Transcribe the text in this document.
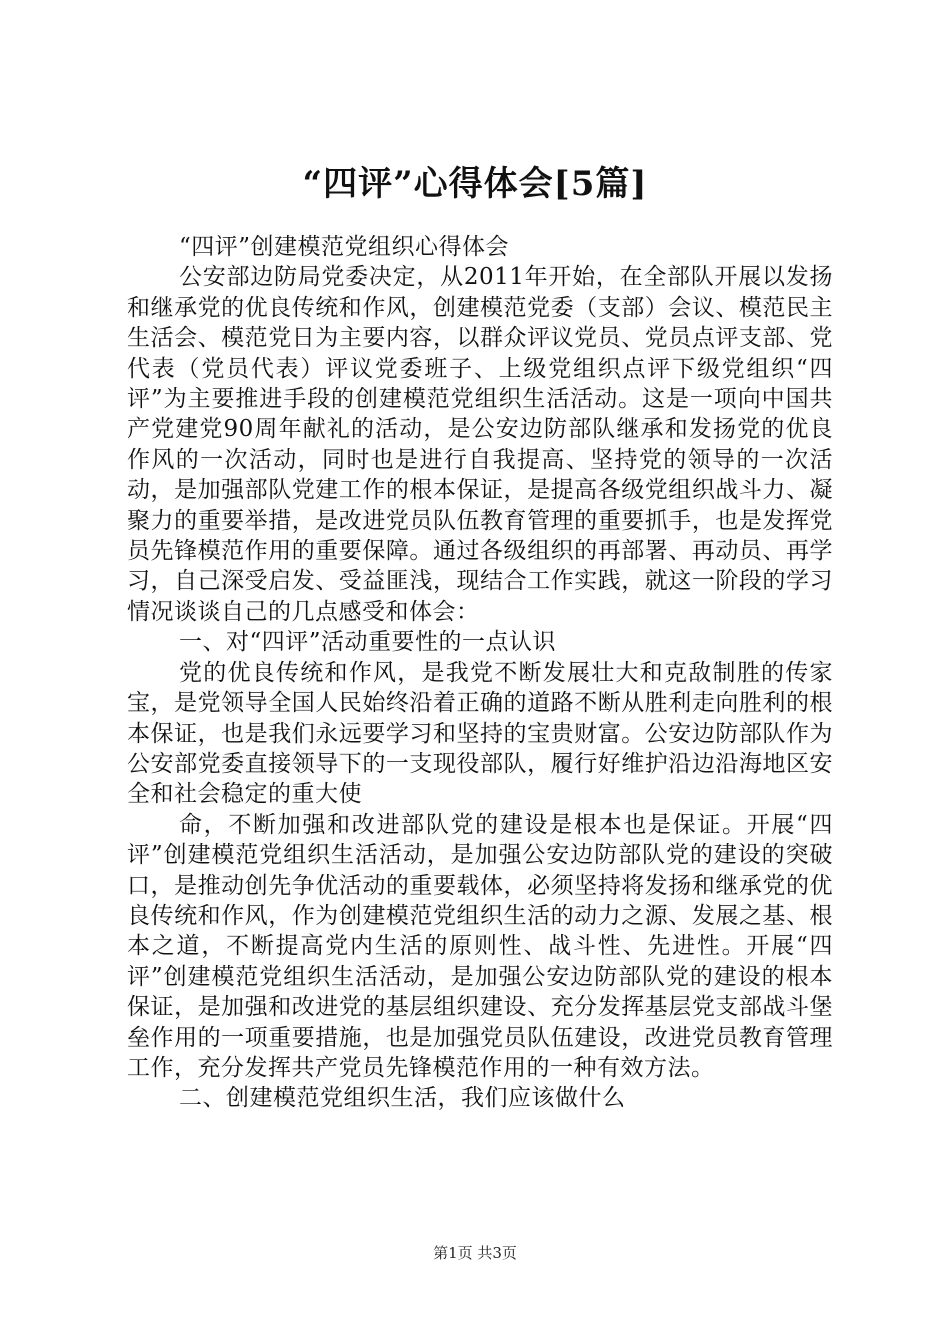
“四评”心得体会[5篇]

“四评”创建模范党组织心得体会

公安部边防局党委决定，从2011年开始，在全部队开展以发扬和继承党的优良传统和作风，创建模范党委（支部）会议、模范民主生活会、模范党日为主要内容，以群众评议党员、党员点评支部、党代表（党员代表）评议党委班子、上级党组织点评下级党组织“四评”为主要推进手段的创建模范党组织生活活动。这是一项向中国共产党建党90周年献礼的活动，是公安边防部队继承和发扬党的优良作风的一次活动，同时也是进行自我提高、坚持党的领导的一次活动，是加强部队党建工作的根本保证，是提高各级党组织战斗力、凝聚力的重要举措，是改进党员队伍教育管理的重要抓手，也是发挥党员先锋模范作用的重要保障。通过各级组织的再部署、再动员、再学习，自己深受启发、受益匪浅，现结合工作实践，就这一阶段的学习情况谈谈自己的几点感受和体会：

一、对“四评”活动重要性的一点认识

党的优良传统和作风，是我党不断发展壮大和克敌制胜的传家宝，是党领导全国人民始终沿着正确的道路不断从胜利走向胜利的根本保证，也是我们永远要学习和坚持的宝贵财富。公安边防部队作为公安部党委直接领导下的一支现役部队，履行好维护沿边沿海地区安全和社会稳定的重大使

命，不断加强和改进部队党的建设是根本也是保证。开展“四评”创建模范党组织生活活动，是加强公安边防部队党的建设的突破口，是推动创先争优活动的重要载体，必须坚持将发扬和继承党的优良传统和作风，作为创建模范党组织生活的动力之源、发展之基、根本之道，不断提高党内生活的原则性、战斗性、先进性。开展“四评”创建模范党组织生活活动，是加强公安边防部队党的建设的根本保证，是加强和改进党的基层组织建设、充分发挥基层党支部战斗堡垒作用的一项重要措施，也是加强党员队伍建设，改进党员教育管理工作，充分发挥共产党员先锋模范作用的一种有效方法。

二、创建模范党组织生活，我们应该做什么

第1页 共3页
